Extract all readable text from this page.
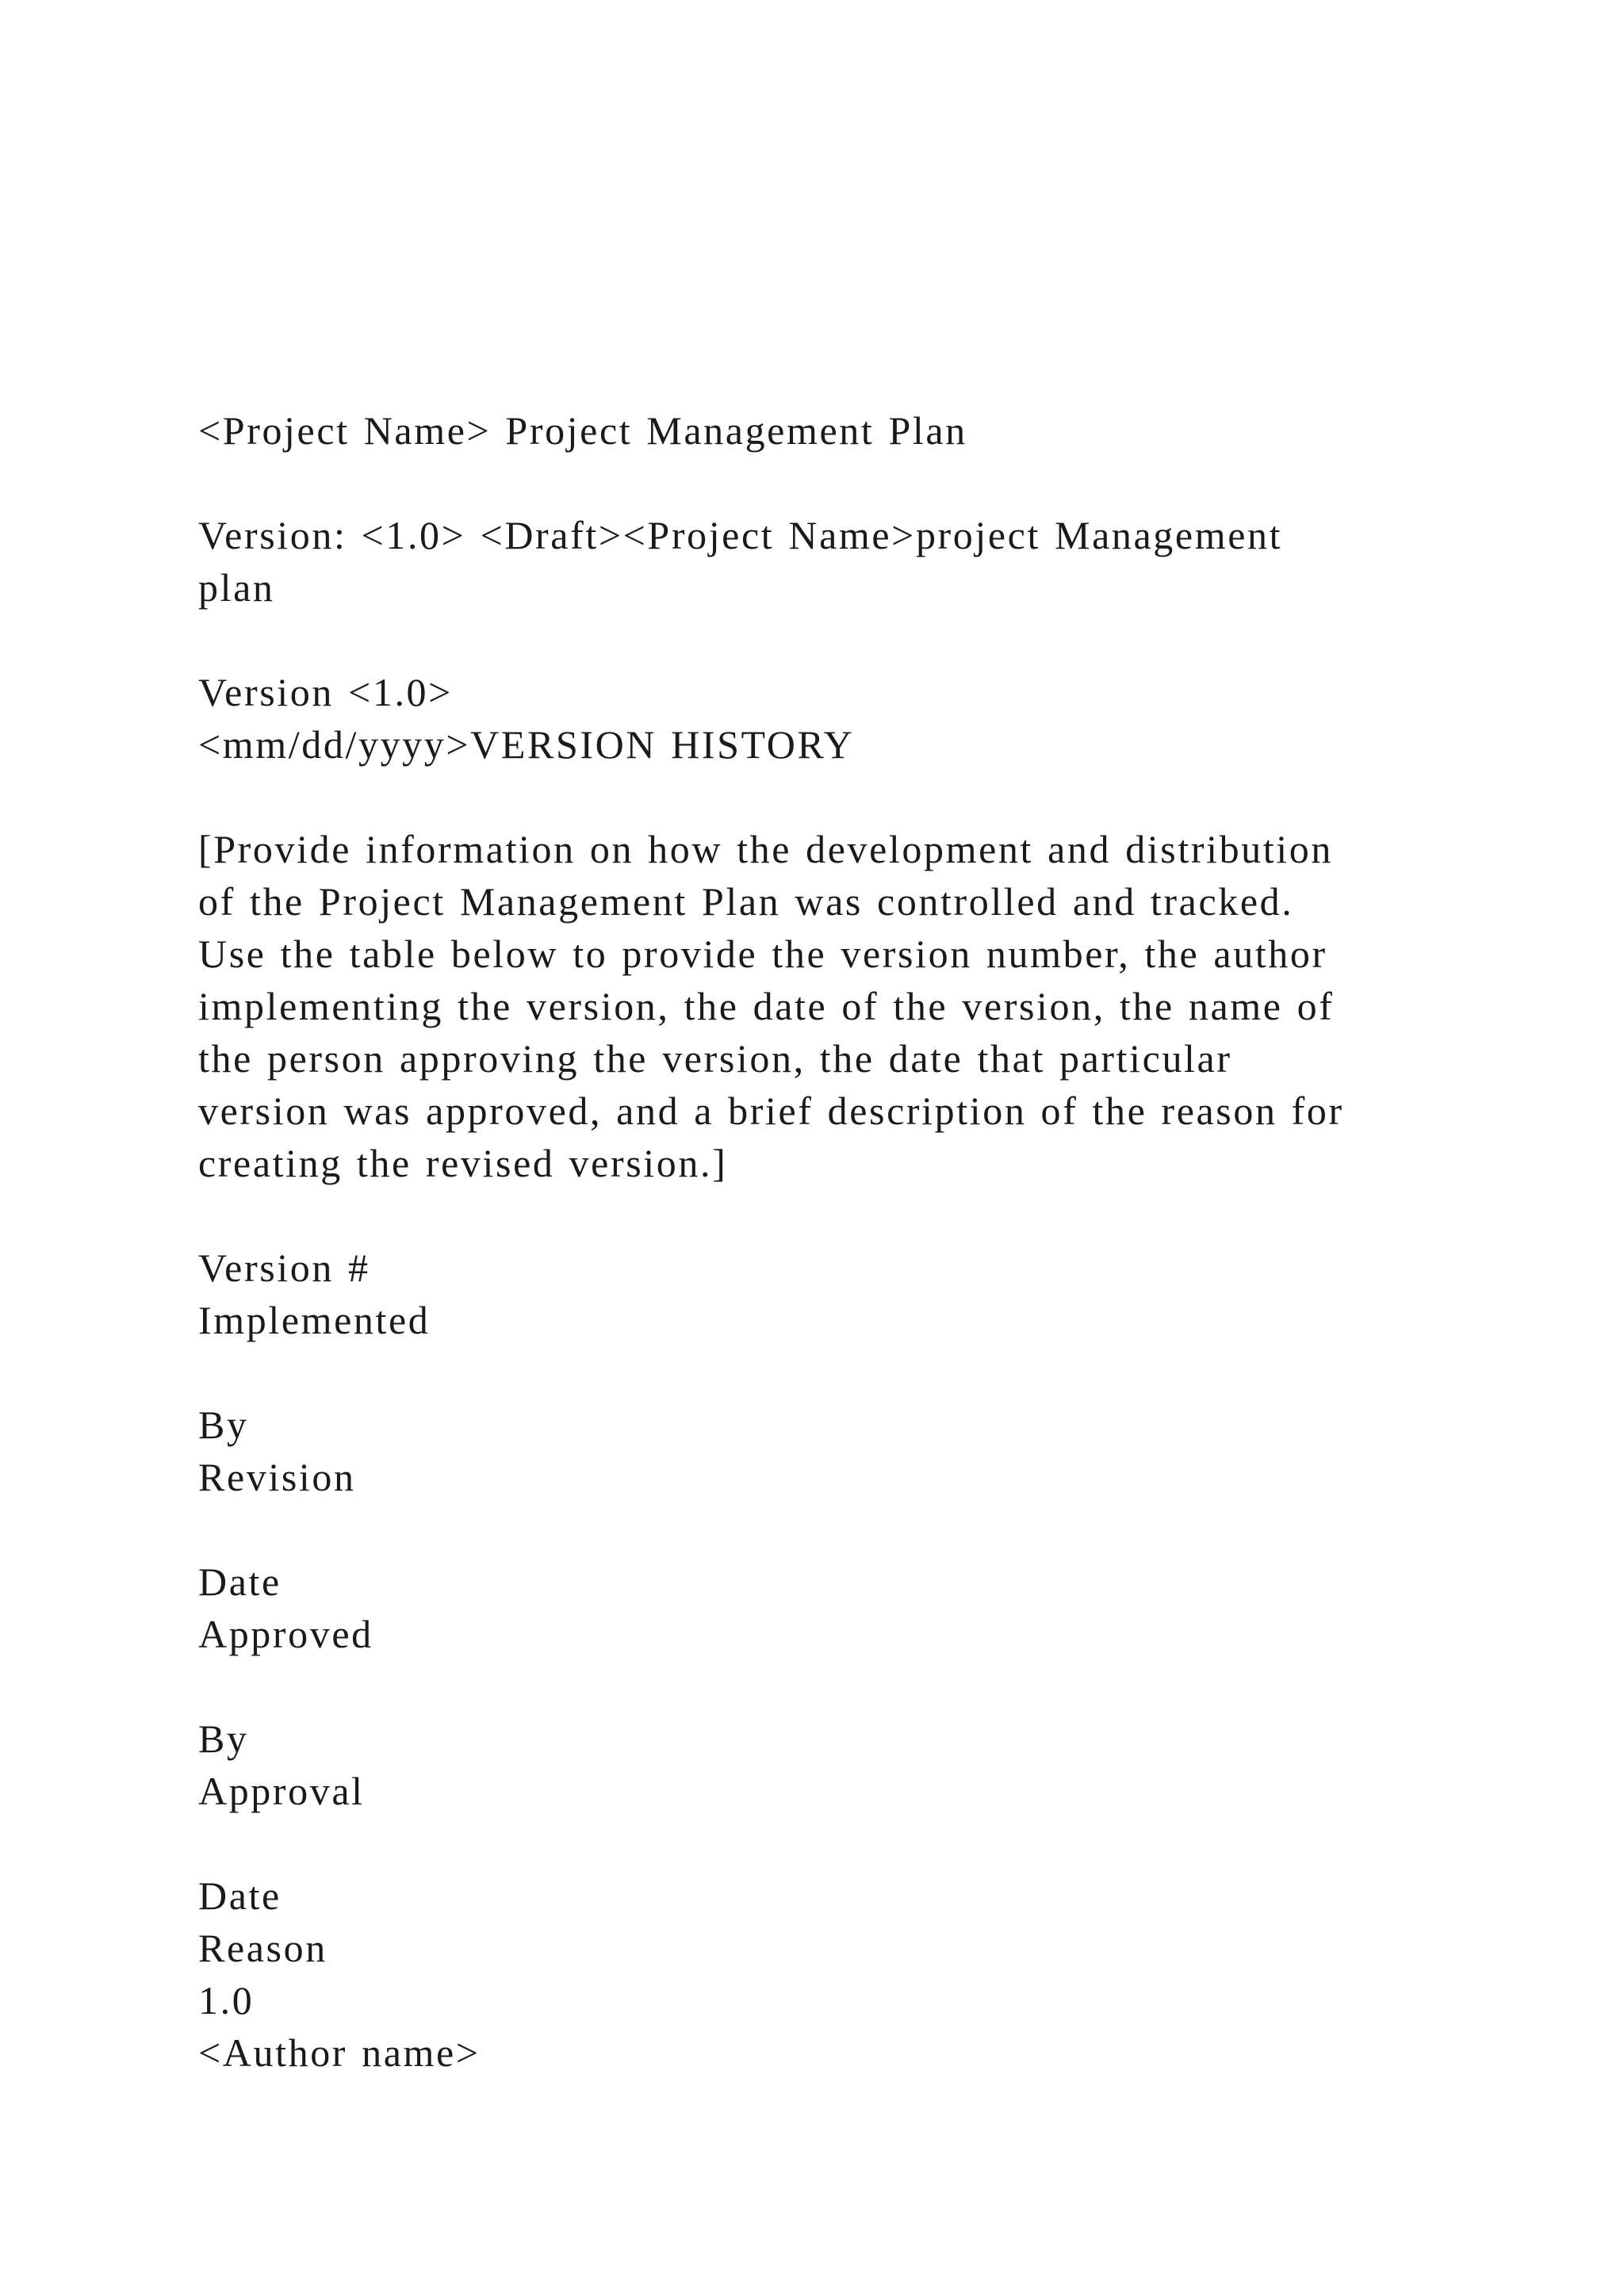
<Project Name> Project Management Plan

Version: <1.0> <Draft><Project Name>project Management

plan

Version <1.0>

<mm/dd/yyyy>VERSION HISTORY

[Provide information on how the development and distribution

of the Project Management Plan was controlled and tracked.

Use the table below to provide the version number, the author

implementing the version, the date of the version, the name of

the person approving the version, the date that particular

version was approved, and a brief description of the reason for

creating the revised version.]

Version #

Implemented

By

Revision

Date

Approved

By

Approval

Date

Reason

1.0

<Author name>
